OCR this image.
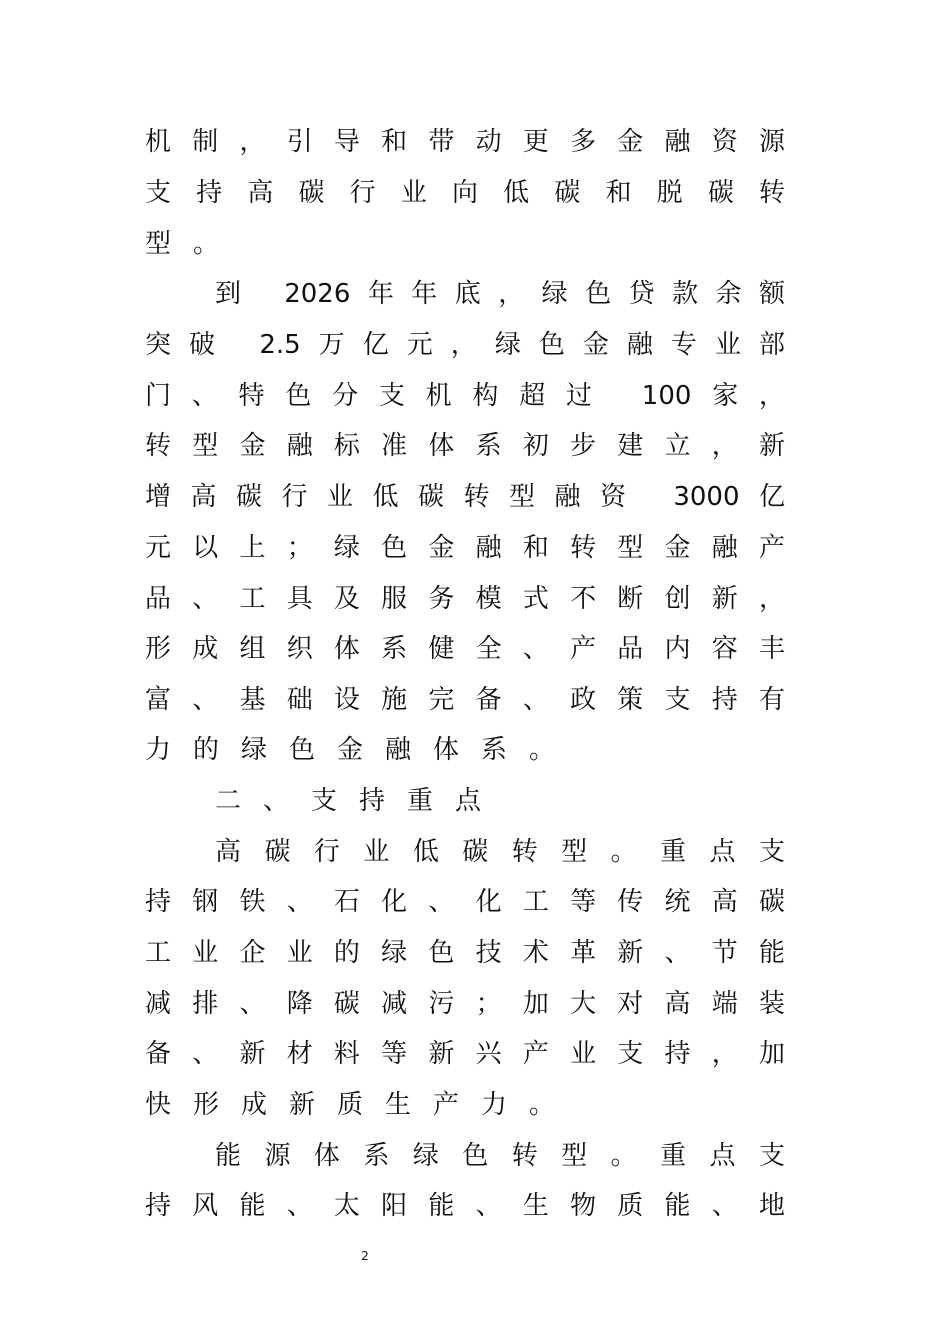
机制，引导和带动更多金融资源
支持高碳行业向低碳和脱碳转
型。
到 2026年年底，绿色贷款余额
突破 2.5万亿元，绿色金融专业部
门、特色分支机构超过 100家，
转型金融标准体系初步建立，新
增高碳行业低碳转型融资 3000亿
元以上；绿色金融和转型金融产
品、工具及服务模式不断创新，
形成组织体系健全、产品内容丰
富、基础设施完备、政策支持有
力的绿色金融体系。
二、支持重点
高碳行业低碳转型。重点支
持钢铁、石化、化工等传统高碳
工业企业的绿色技术革新、节能
减排、降碳减污；加大对高端装
备、新材料等新兴产业支持，加
快形成新质生产力。
能源体系绿色转型。重点支
持风能、太阳能、生物质能、地
2
